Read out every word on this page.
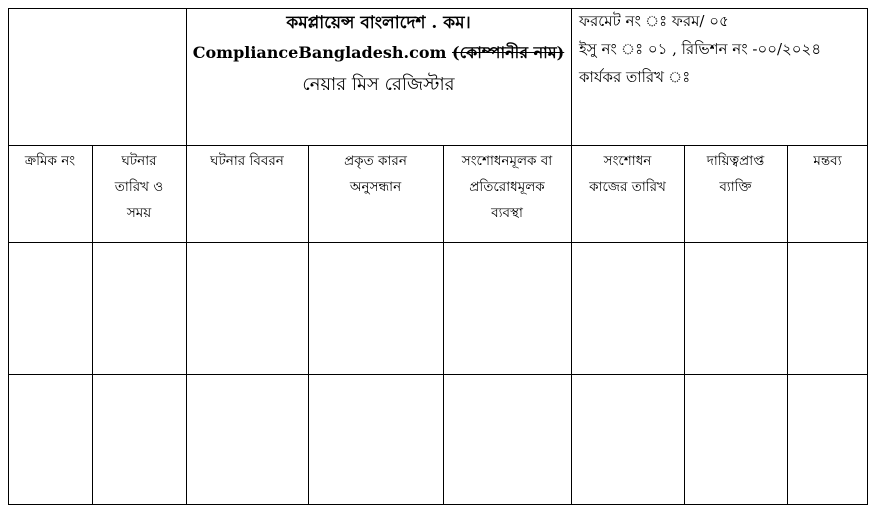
কমপ্লায়েন্স বাংলাদেশ . কম।
ComplianceBangladesh.com (কোম্পানীর নাম)
নেয়ার মিস রেজিস্টার
ফরমেট নং ঃ ফরম/ ০৫
ইসু নং ঃ ০১ , রিভিশন নং -০০/২০২৪
কার্যকর তারিখ ঃ
ক্রমিক নং	ঘটনার
তারিখ ও
সময়
ঘটনার বিবরন	প্রকৃত কারন
অনুসন্ধান
সংশোধনমূলক বা
প্রতিরোধমূলক
ব্যবস্থা
সংশোধন
কাজের তারিখ
দায়িত্বপ্রাপ্ত
ব্যাক্তি
মন্তব্য
